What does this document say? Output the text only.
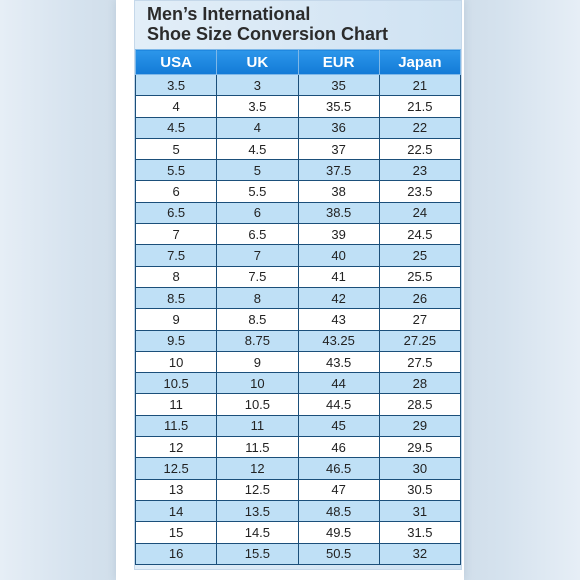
Men’s International
Shoe Size Conversion Chart
USA	UK	EUR	Japan
3.5	3	35	21
4	3.5	35.5	21.5
4.5	4	36	22
5	4.5	37	22.5
5.5	5	37.5	23
6	5.5	38	23.5
6.5	6	38.5	24
7	6.5	39	24.5
7.5	7	40	25
8	7.5	41	25.5
8.5	8	42	26
9	8.5	43	27
9.5	8.75	43.25	27.25
10	9	43.5	27.5
10.5	10	44	28
11	10.5	44.5	28.5
11.5	11	45	29
12	11.5	46	29.5
12.5	12	46.5	30
13	12.5	47	30.5
14	13.5	48.5	31
15	14.5	49.5	31.5
16	15.5	50.5	32
